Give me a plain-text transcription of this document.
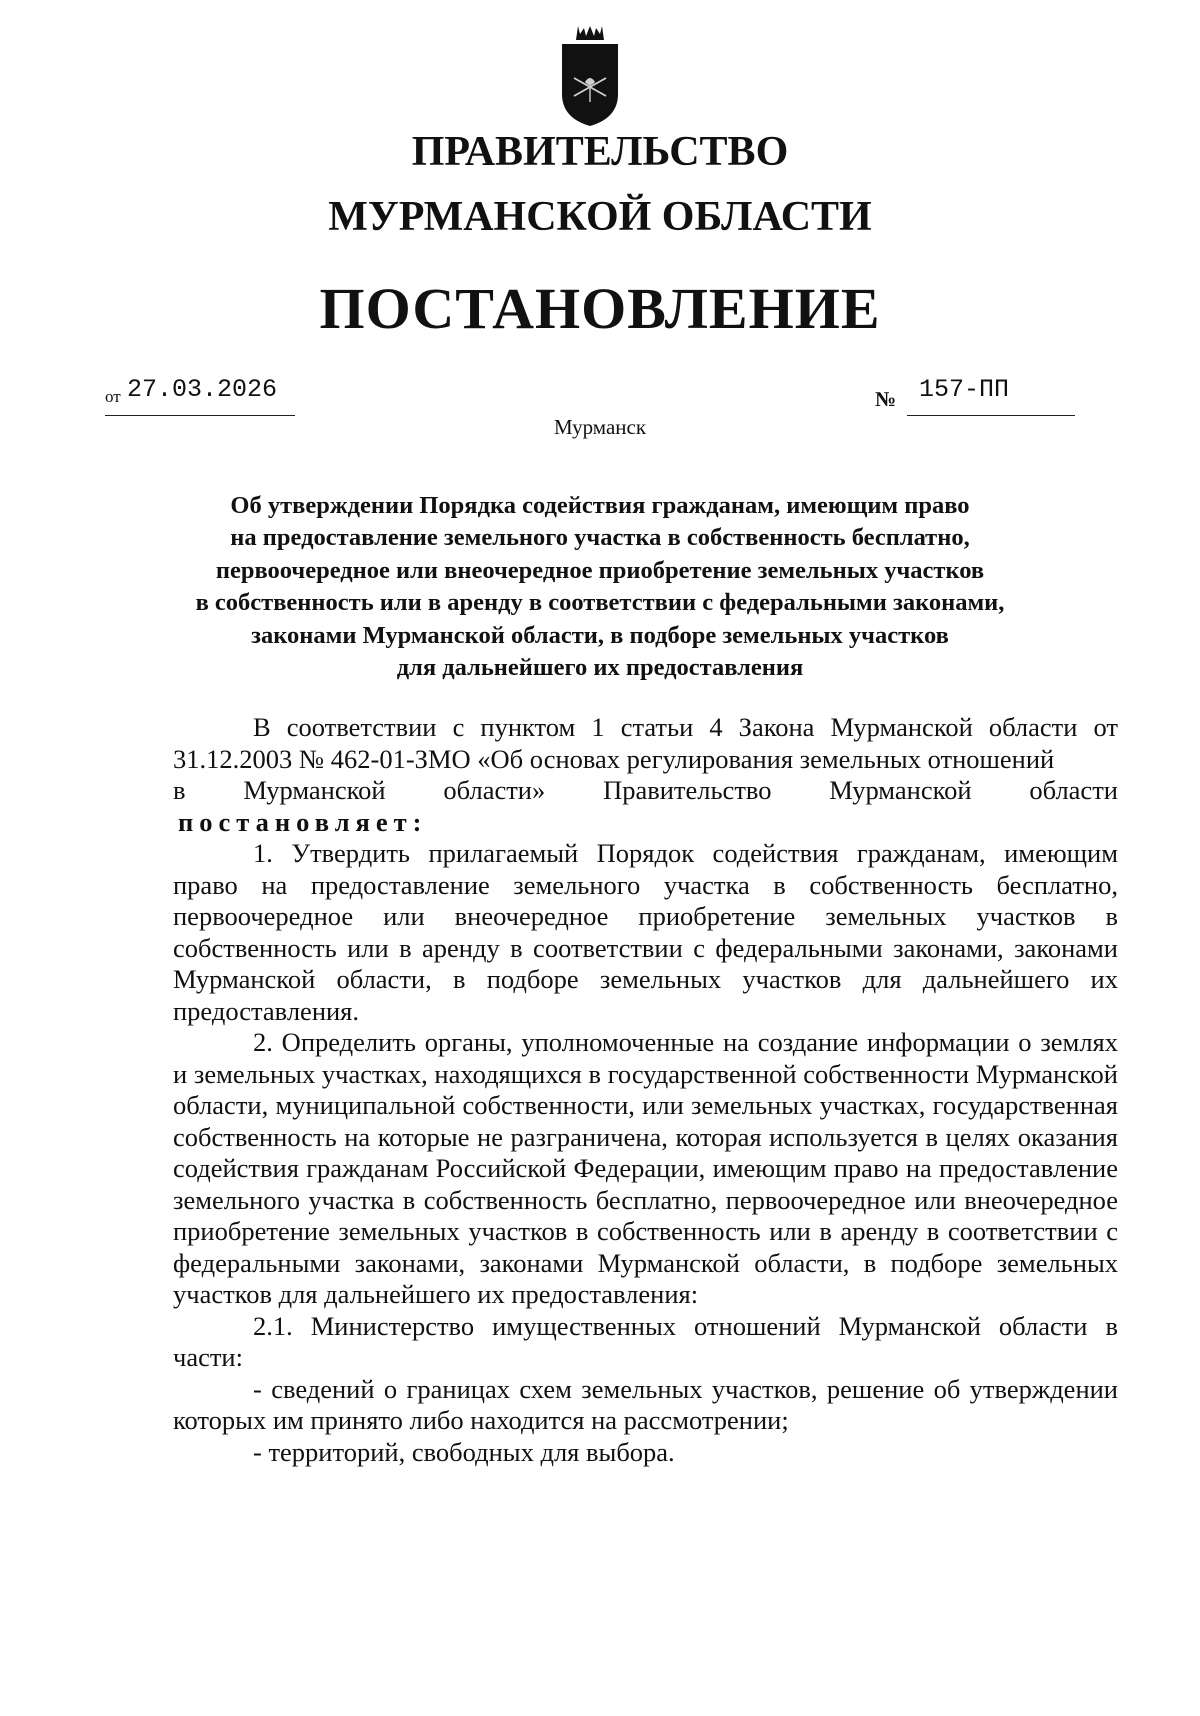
ПРАВИТЕЛЬСТВО
МУРМАНСКОЙ ОБЛАСТИ
ПОСТАНОВЛЕНИЕ
от 27.03.2026	№ 157-ПП
Мурманск
Об утверждении Порядка содействия гражданам, имеющим право
на предоставление земельного участка в собственность бесплатно,
первоочередное или внеочередное приобретение земельных участков
в собственность или в аренду в соответствии с федеральными законами,
законами Мурманской области, в подборе земельных участков
для дальнейшего их предоставления

В соответствии с пунктом 1 статьи 4 Закона Мурманской области от 31.12.2003 № 462-01-ЗМО «Об основах регулирования земельных отношений

в Мурманской области» Правительство Мурманской области

постановляет:

1. Утвердить прилагаемый Порядок содействия гражданам, имеющим право на предоставление земельного участка в собственность бесплатно, первоочередное или внеочередное приобретение земельных участков в собственность или в аренду в соответствии с федеральными законами, законами Мурманской области, в подборе земельных участков для дальнейшего их предоставления.

2. Определить органы, уполномоченные на создание информации о землях и земельных участках, находящихся в государственной собственности Мурманской области, муниципальной собственности, или земельных участках, государственная собственность на которые не разграничена, которая используется в целях оказания содействия гражданам Российской Федерации, имеющим право на предоставление земельного участка в собственность бесплатно, первоочередное или внеочередное приобретение земельных участков в собственность или в аренду в соответствии с федеральными законами, законами Мурманской области, в подборе земельных участков для дальнейшего их предоставления:

2.1. Министерство имущественных отношений Мурманской области в части:

- сведений о границах схем земельных участков, решение об утверждении которых им принято либо находится на рассмотрении;

- территорий, свободных для выбора.
